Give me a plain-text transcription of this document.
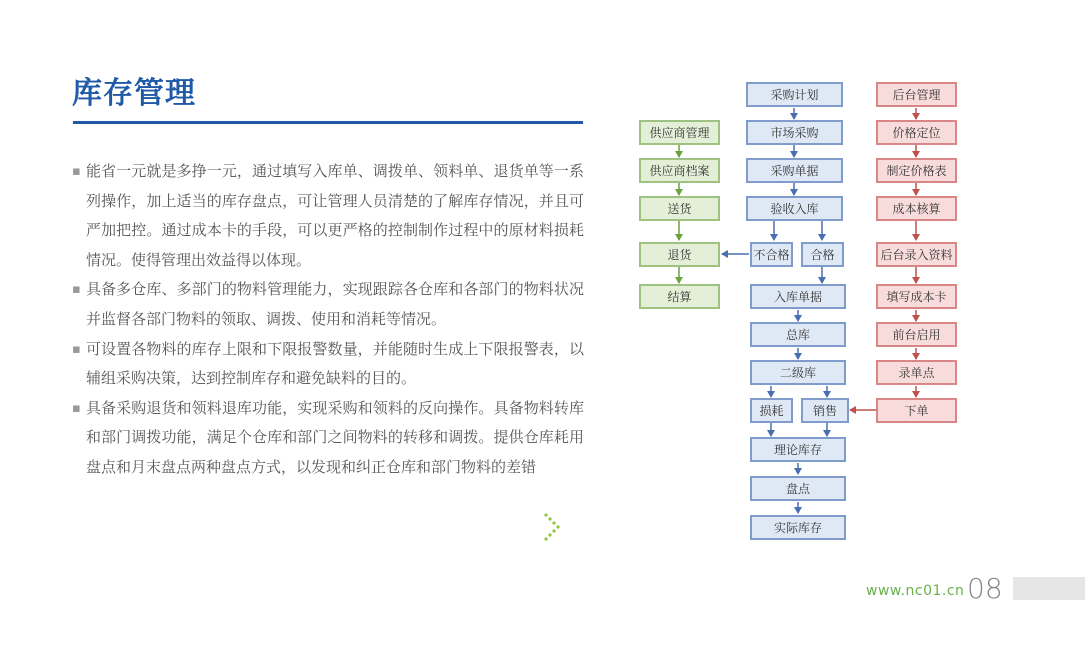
库存管理
▪ 能省一元就是多挣一元，通过填写入库单、调拨单、领料单、退货单等一系列操作，加上适当的库存盘点，可让管理人员清楚的了解库存情况，并且可严加把控。通过成本卡的手段，可以更严格的控制制作过程中的原材料损耗情况。使得管理出效益得以体现。
▪ 具备多仓库、多部门的物料管理能力，实现跟踪各仓库和各部门的物料状况并监督各部门物料的领取、调拨、使用和消耗等情况。
▪ 可设置各物料的库存上限和下限报警数量，并能随时生成上下限报警表，以辅组采购决策，达到控制库存和避免缺料的目的。
▪ 具备采购退货和领料退库功能，实现采购和领料的反向操作。具备物料转库和部门调拨功能，满足个仓库和部门之间物料的转移和调拨。提供仓库耗用盘点和月末盘点两种盘点方式，以发现和纠正仓库和部门物料的差错
供应商管理
供应商档案
送货
退货
结算
采购计划
市场采购
采购单据
验收入库
不合格	合格
入库单据
总库
二级库
损耗	销售
理论库存
盘点
实际库存
后台管理
价格定位
制定价格表
成本核算
后台录入资料
填写成本卡
前台启用
录单点
下单
www.nc01.cn 08
